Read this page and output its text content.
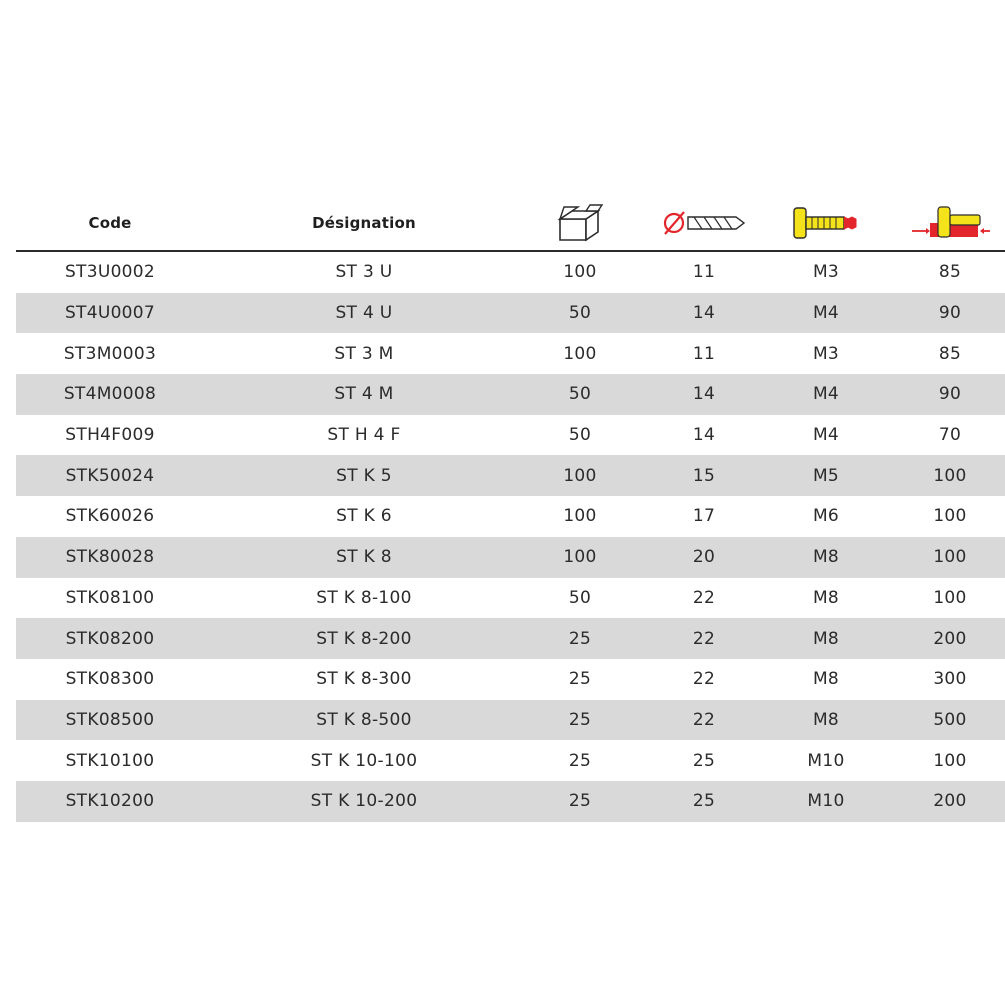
Code	Désignation
ST3U0002	ST 3 U	100	11	M3	85
ST4U0007	ST 4 U	50	14	M4	90
ST3M0003	ST 3 M	100	11	M3	85
ST4M0008	ST 4 M	50	14	M4	90
STH4F009	ST H 4 F	50	14	M4	70
STK50024	ST K 5	100	15	M5	100
STK60026	ST K 6	100	17	M6	100
STK80028	ST K 8	100	20	M8	100
STK08100	ST K 8-100	50	22	M8	100
STK08200	ST K 8-200	25	22	M8	200
STK08300	ST K 8-300	25	22	M8	300
STK08500	ST K 8-500	25	22	M8	500
STK10100	ST K 10-100	25	25	M10	100
STK10200	ST K 10-200	25	25	M10	200
